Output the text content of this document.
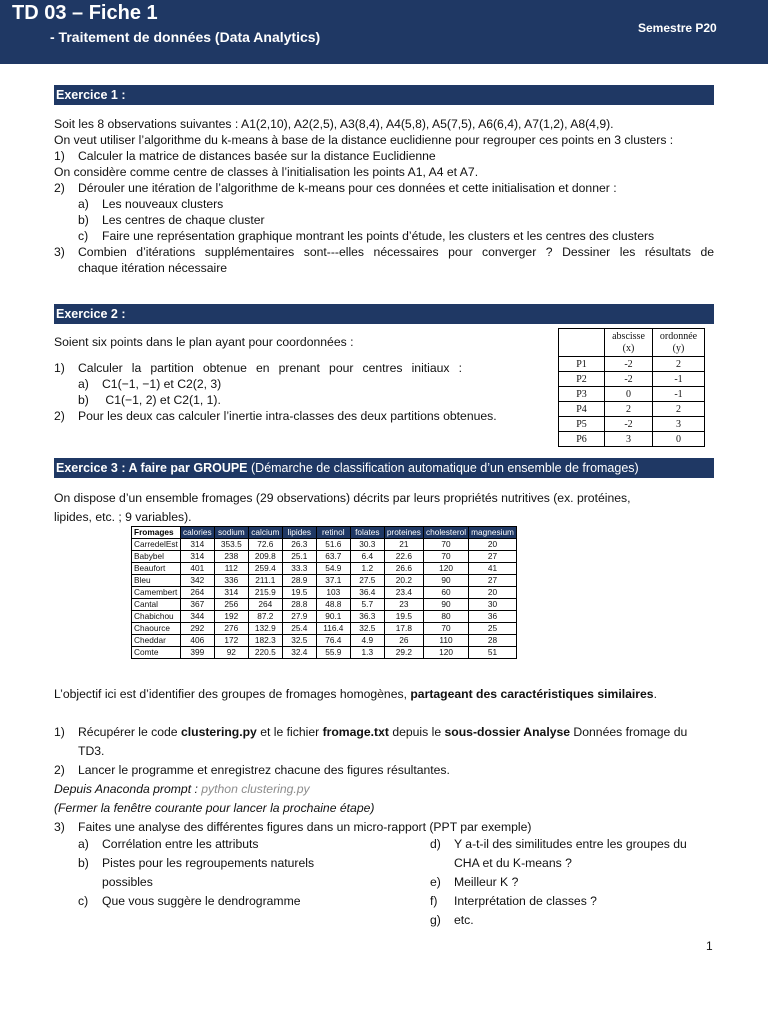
TD 03 – Fiche 1
- Traitement de données (Data Analytics)
Semestre P20
Exercice 1 :
Soit les 8 observations suivantes : A1(2,10), A2(2,5), A3(8,4), A4(5,8), A5(7,5), A6(6,4), A7(1,2), A8(4,9).
On veut utiliser l’algorithme du k-means à base de la distance euclidienne pour regrouper ces points en 3 clusters :
1) Calculer la matrice de distances basée sur la distance Euclidienne
On considère comme centre de classes à l’initialisation les points A1, A4 et A7.
2) Dérouler une itération de l’algorithme de k-means pour ces données et cette initialisation et donner :
a) Les nouveaux clusters
b) Les centres de chaque cluster
c) Faire une représentation graphique montrant les points d’étude, les clusters et les centres des clusters
3)	Combien d’itérations supplémentaires sont---elles nécessaires pour converger ? Dessiner les résultats de
chaque itération nécessaire
Exercice 2 :
Soient six points dans le plan ayant pour coordonnées :
1)	Calculer la partition obtenue en prenant pour centres initiaux :
a) C1(−1, −1) et C2(2, 3)
b) C1(−1, 2) et C2(1, 1).
2) Pour les deux cas calculer l’inertie intra-classes des deux partitions obtenues.
	abscisse
(x)	ordonnée
(y)
P1	-2	2
P2	-2	-1
P3	0	-1
P4	2	2
P5	-2	3
P6	3	0
Exercice 3 : A faire par GROUPE (Démarche de classification automatique d’un ensemble de fromages)
On dispose d’un ensemble fromages (29 observations) décrits par leurs propriétés nutritives (ex. protéines,
lipides, etc. ; 9 variables).
Fromages	calories	sodium	calcium	lipides	retinol	folates	proteines	cholesterol	magnesium
CarredelEst	314	353.5	72.6	26.3	51.6	30.3	21	70	20
Babybel	314	238	209.8	25.1	63.7	6.4	22.6	70	27
Beaufort	401	112	259.4	33.3	54.9	1.2	26.6	120	41
Bleu	342	336	211.1	28.9	37.1	27.5	20.2	90	27
Camembert	264	314	215.9	19.5	103	36.4	23.4	60	20
Cantal	367	256	264	28.8	48.8	5.7	23	90	30
Chabichou	344	192	87.2	27.9	90.1	36.3	19.5	80	36
Chaource	292	276	132.9	25.4	116.4	32.5	17.8	70	25
Cheddar	406	172	182.3	32.5	76.4	4.9	26	110	28
Comte	399	92	220.5	32.4	55.9	1.3	29.2	120	51
L’objectif ici est d’identifier des groupes de fromages homogènes, partageant des caractéristiques similaires.
1) Récupérer le code clustering.py et le fichier fromage.txt depuis le sous-dossier Analyse Données fromage du
TD3.
2) Lancer le programme et enregistrez chacune des figures résultantes.
Depuis Anaconda prompt : python clustering.py
(Fermer la fenêtre courante pour lancer la prochaine étape)
3) Faites une analyse des différentes figures dans un micro-rapport (PPT par exemple)
a) Corrélation entre les attributs
b) Pistes pour les regroupements naturels
possibles
c) Que vous suggère le dendrogramme
d) Y a-t-il des similitudes entre les groupes du
CHA et du K-means ?
e) Meilleur K ?
f) Interprétation de classes ?
g) etc.
1
